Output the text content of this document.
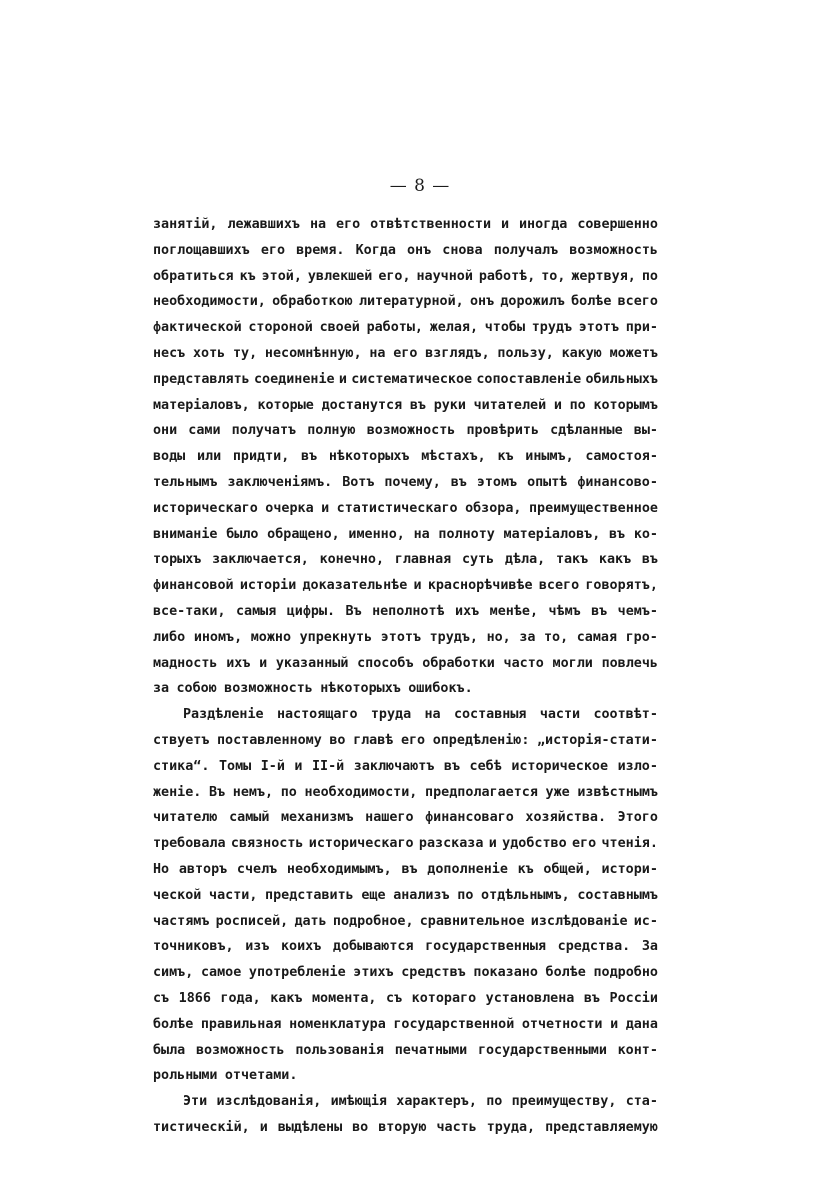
— 8 —
занятій, лежавшихъ на его отвѣтственности и иногда совершенно
поглощавшихъ его время. Когда онъ снова получалъ возможность
обратиться къ этой, увлекшей его, научной работѣ, то, жертвуя, по
необходимости, обработкою литературной, онъ дорожилъ болѣе всего
фактической стороной своей работы, желая, чтобы трудъ этотъ при-
несъ хоть ту, несомнѣнную, на его взглядъ, пользу, какую можетъ
представлять соединеніе и систематическое сопоставленіе обильныхъ
матеріаловъ, которые достанутся въ руки читателей и по которымъ
они сами получатъ полную возможность провѣрить сдѣланные вы-
воды или придти, въ нѣкоторыхъ мѣстахъ, къ инымъ, самостоя-
тельнымъ заключеніямъ. Вотъ почему, въ этомъ опытѣ финансово-
историческаго очерка и статистическаго обзора, преимущественное
вниманіе было обращено, именно, на полноту матеріаловъ, въ ко-
торыхъ заключается, конечно, главная суть дѣла, такъ какъ въ
финансовой исторіи доказательнѣе и краснорѣчивѣе всего говорятъ,
все-таки, самыя цифры. Въ неполнотѣ ихъ менѣе, чѣмъ въ чемъ-
либо иномъ, можно упрекнуть этотъ трудъ, но, за то, самая гро-
мадность ихъ и указанный способъ обработки часто могли повлечь
за собою возможность нѣкоторыхъ ошибокъ.
Раздѣленіе настоящаго труда на составныя части соотвѣт-
ствуетъ поставленному во главѣ его опредѣленію: „исторія-стати-
стика“. Томы I-й и II-й заключаютъ въ себѣ историческое изло-
женіе. Въ немъ, по необходимости, предполагается уже извѣстнымъ
читателю самый механизмъ нашего финансоваго хозяйства. Этого
требовала связность историческаго разсказа и удобство его чтенія.
Но авторъ счелъ необходимымъ, въ дополненіе къ общей, истори-
ческой части, представить еще анализъ по отдѣльнымъ, составнымъ
частямъ росписей, дать подробное, сравнительное изслѣдованіе ис-
точниковъ, изъ коихъ добываются государственныя средства. За
симъ, самое употребленіе этихъ средствъ показано болѣе подробно
съ 1866 года, какъ момента, съ котораго установлена въ Россіи
болѣе правильная номенклатура государственной отчетности и дана
была возможность пользованія печатными государственными конт-
рольными отчетами.
Эти изслѣдованія, имѣющія характеръ, по преимуществу, ста-
тистическій, и выдѣлены во вторую часть труда, представляемую
